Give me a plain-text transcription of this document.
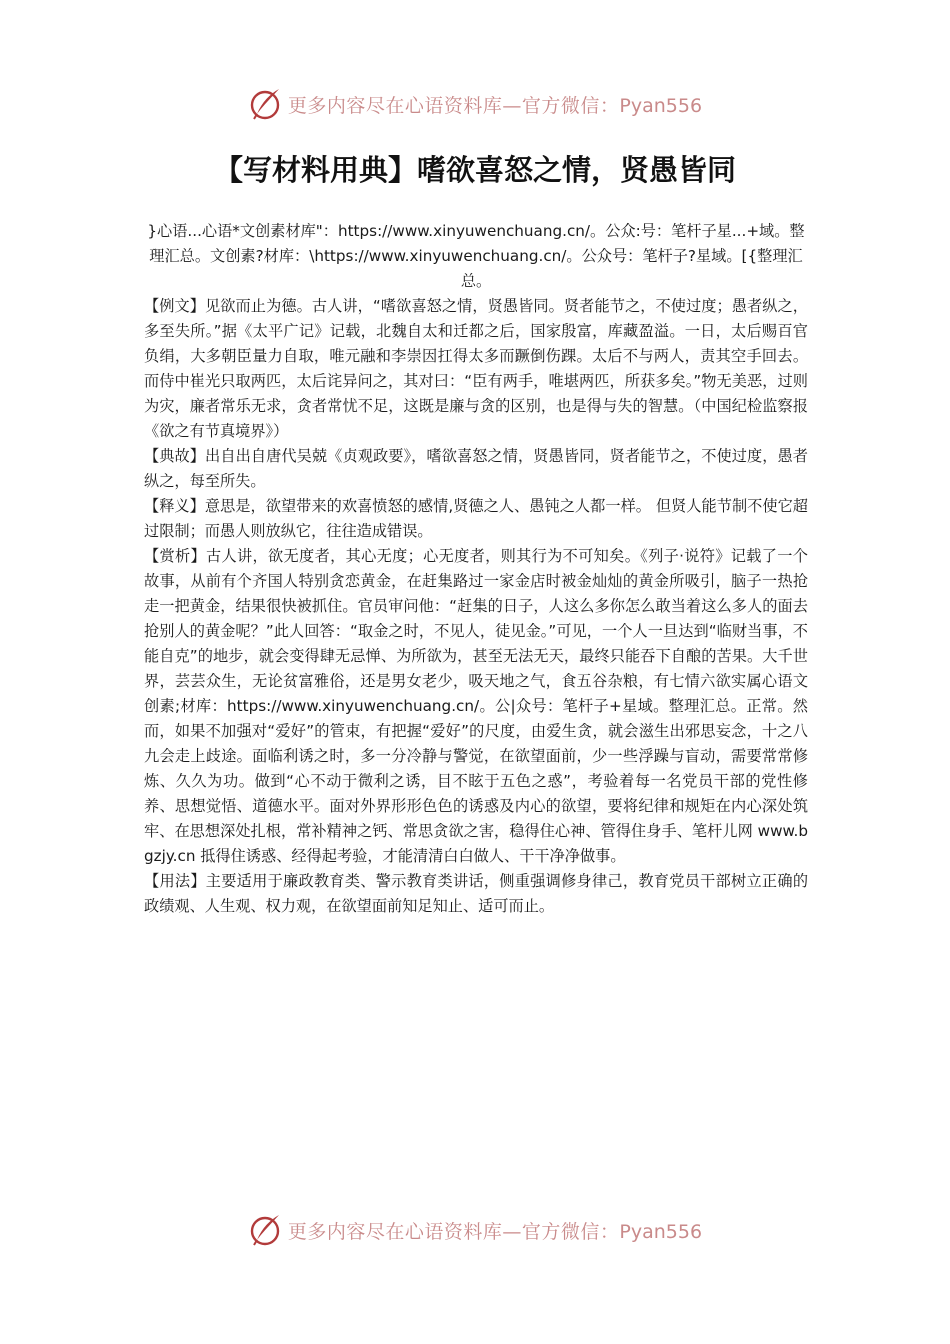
更多内容尽在心语资料库—官方微信：Pyan556
【写材料用典】嗜欲喜怒之情，贤愚皆同

}心语...心语*文创素材库"：https://www.xinyuwenchuang.cn/。公众:号：笔杆子星...+域。整理汇总。文创素?材库：\https://www.xinyuwenchuang.cn/。公众号：笔杆子?星域。[{整理汇总。

【例文】见欲而止为德。古人讲，“嗜欲喜怒之情，贤愚皆同。贤者能节之，不使过度；愚者纵之，多至失所。”据《太平广记》记载，北魏自太和迁都之后，国家殷富，库藏盈溢。一日，太后赐百官负绢，大多朝臣量力自取，唯元融和李崇因扛得太多而蹶倒伤踝。太后不与两人，责其空手回去。而侍中崔光只取两匹，太后诧异问之，其对曰：“臣有两手，唯堪两匹，所获多矣。”物无美恶，过则为灾，廉者常乐无求，贪者常忧不足，这既是廉与贪的区别，也是得与失的智慧。（中国纪检监察报《欲之有节真境界》）

【典故】出自出自唐代吴兢《贞观政要》，嗜欲喜怒之情，贤愚皆同，贤者能节之，不使过度，愚者纵之，每至所失。

【释义】意思是，欲望带来的欢喜愤怒的感情,贤德之人、愚钝之人都一样。 但贤人能节制不使它超过限制；而愚人则放纵它，往往造成错误。

【赏析】古人讲，欲无度者，其心无度；心无度者，则其行为不可知矣。《列子·说符》记载了一个故事，从前有个齐国人特别贪恋黄金，在赶集路过一家金店时被金灿灿的黄金所吸引，脑子一热抢走一把黄金，结果很快被抓住。官员审问他：“赶集的日子，人这么多你怎么敢当着这么多人的面去抢别人的黄金呢？”此人回答：“取金之时，不见人，徒见金。”可见，一个人一旦达到“临财当事，不能自克”的地步，就会变得肆无忌惮、为所欲为，甚至无法无天，最终只能吞下自酿的苦果。大千世界，芸芸众生，无论贫富雅俗，还是男女老少，吸天地之气，食五谷杂粮，有七情六欲实属心语文创素;材库：https://www.xinyuwenchuang.cn/。公|众号：笔杆子+星域。整理汇总。正常。然而，如果不加强对“爱好”的管束，有把握“爱好”的尺度，由爱生贪，就会滋生出邪思妄念，十之八九会走上歧途。面临利诱之时，多一分冷静与警觉，在欲望面前，少一些浮躁与盲动，需要常常修炼、久久为功。做到“心不动于微利之诱，目不眩于五色之惑”，考验着每一名党员干部的党性修养、思想觉悟、道德水平。面对外界形形色色的诱惑及内心的欲望，要将纪律和规矩在内心深处筑牢、在思想深处扎根，常补精神之钙、常思贪欲之害，稳得住心神、管得住身手、笔杆儿网 www.bgzjy.cn 抵得住诱惑、经得起考验，才能清清白白做人、干干净净做事。

【用法】主要适用于廉政教育类、警示教育类讲话，侧重强调修身律己，教育党员干部树立正确的政绩观、人生观、权力观，在欲望面前知足知止、适可而止。

更多内容尽在心语资料库—官方微信：Pyan556
